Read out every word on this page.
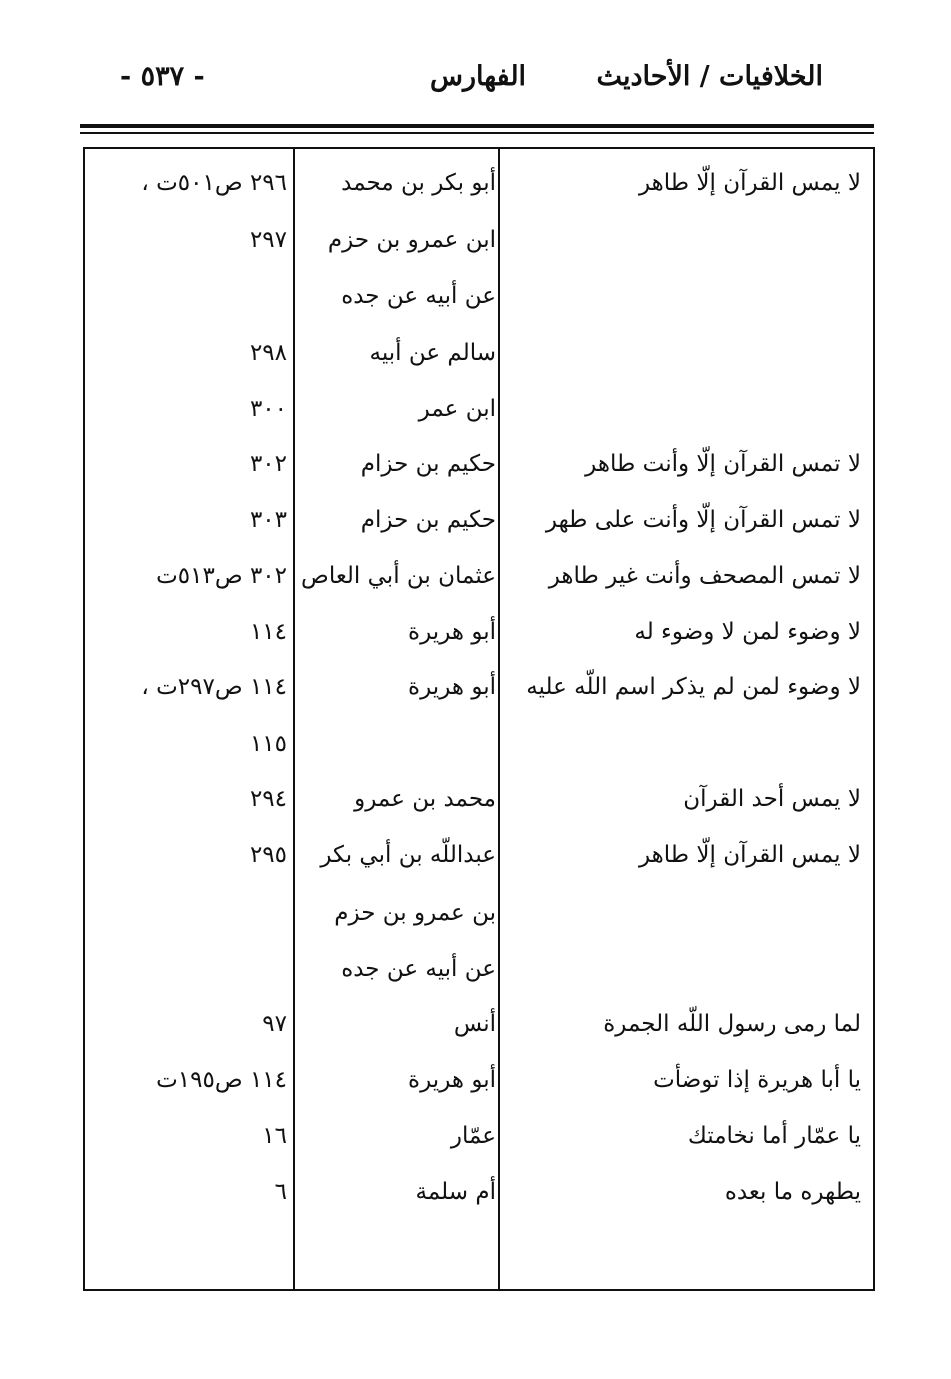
الخلافيات / الأحاديث
الفهارس
- ٥٣٧ -
لا يمس القرآن إلّا طاهر
أبو بكر بن محمد
٢٩٦ ص٥٠١ت ،
ابن عمرو بن حزم
٢٩٧
عن أبيه عن جده
سالم عن أبيه
٢٩٨
ابن عمر
٣٠٠
لا تمس القرآن إلّا وأنت طاهر
حكيم بن حزام
٣٠٢
لا تمس القرآن إلّا وأنت على طهر
حكيم بن حزام
٣٠٣
لا تمس المصحف وأنت غير طاهر
عثمان بن أبي العاص
٣٠٢ ص٥١٣ت
لا وضوء لمن لا وضوء له
أبو هريرة
١١٤
لا وضوء لمن لم يذكر اسم اللّه عليه
أبو هريرة
١١٤ ص٢٩٧ت ،
١١٥
لا يمس أحد القرآن
محمد بن عمرو
٢٩٤
لا يمس القرآن إلّا طاهر
عبداللّه بن أبي بكر
٢٩٥
بن عمرو بن حزم
عن أبيه عن جده
لما رمى رسول اللّه الجمرة
أنس
٩٧
يا أبا هريرة إذا توضأت
أبو هريرة
١١٤ ص١٩٥ت
يا عمّار أما نخامتك
عمّار
١٦
يطهره ما بعده
أم سلمة
٦
